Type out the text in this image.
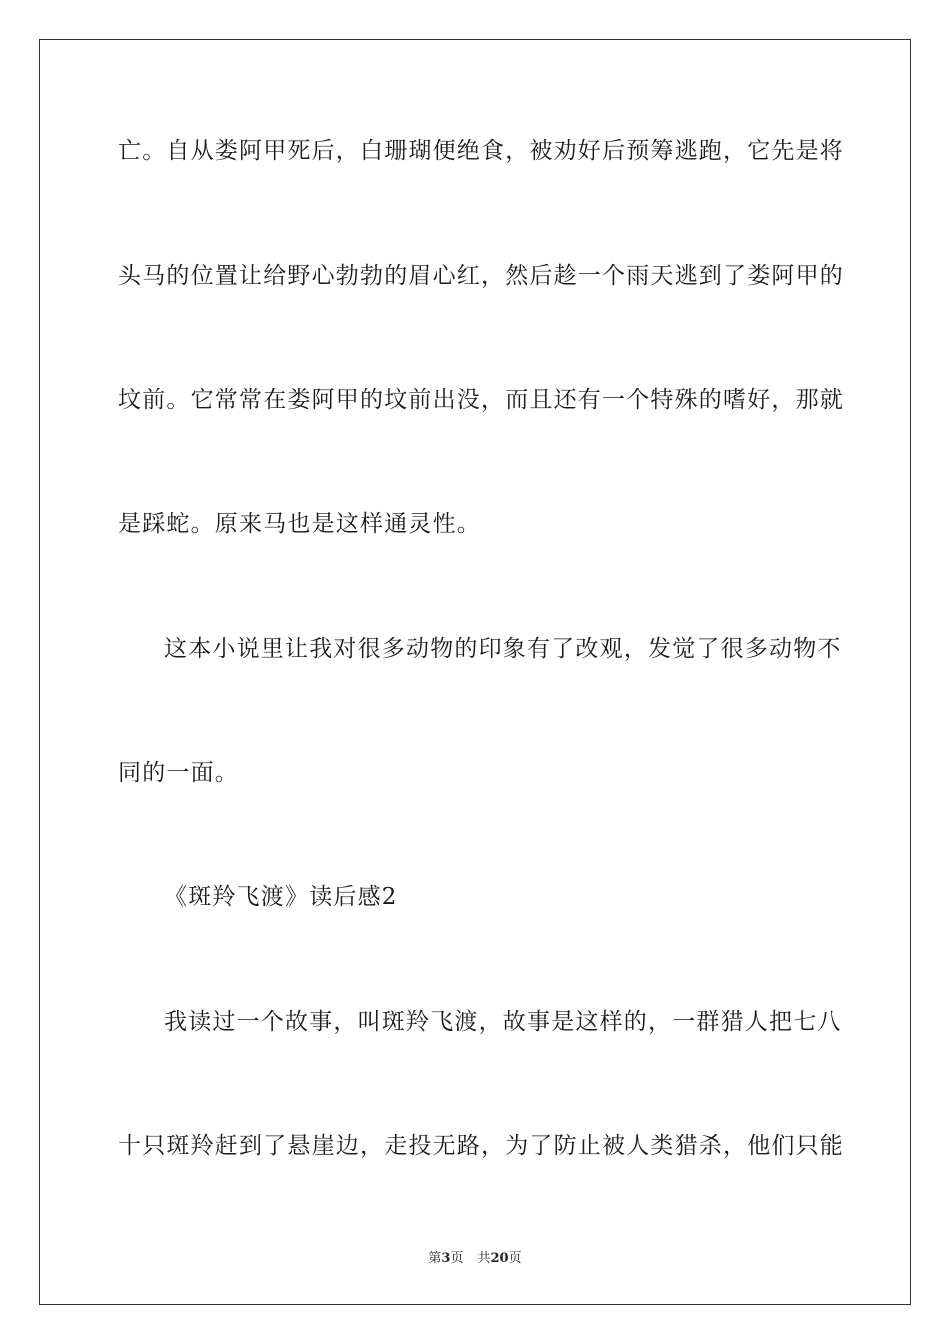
亡。自从娄阿甲死后，白珊瑚便绝食，被劝好后预筹逃跑，它先是将
头马的位置让给野心勃勃的眉心红，然后趁一个雨天逃到了娄阿甲的
坟前。它常常在娄阿甲的坟前出没，而且还有一个特殊的嗜好，那就
是踩蛇。原来马也是这样通灵性。
这本小说里让我对很多动物的印象有了改观，发觉了很多动物不
同的一面。
《斑羚飞渡》读后感2
我读过一个故事，叫斑羚飞渡，故事是这样的，一群猎人把七八
十只斑羚赶到了悬崖边，走投无路，为了防止被人类猎杀，他们只能
第3页 共20页
